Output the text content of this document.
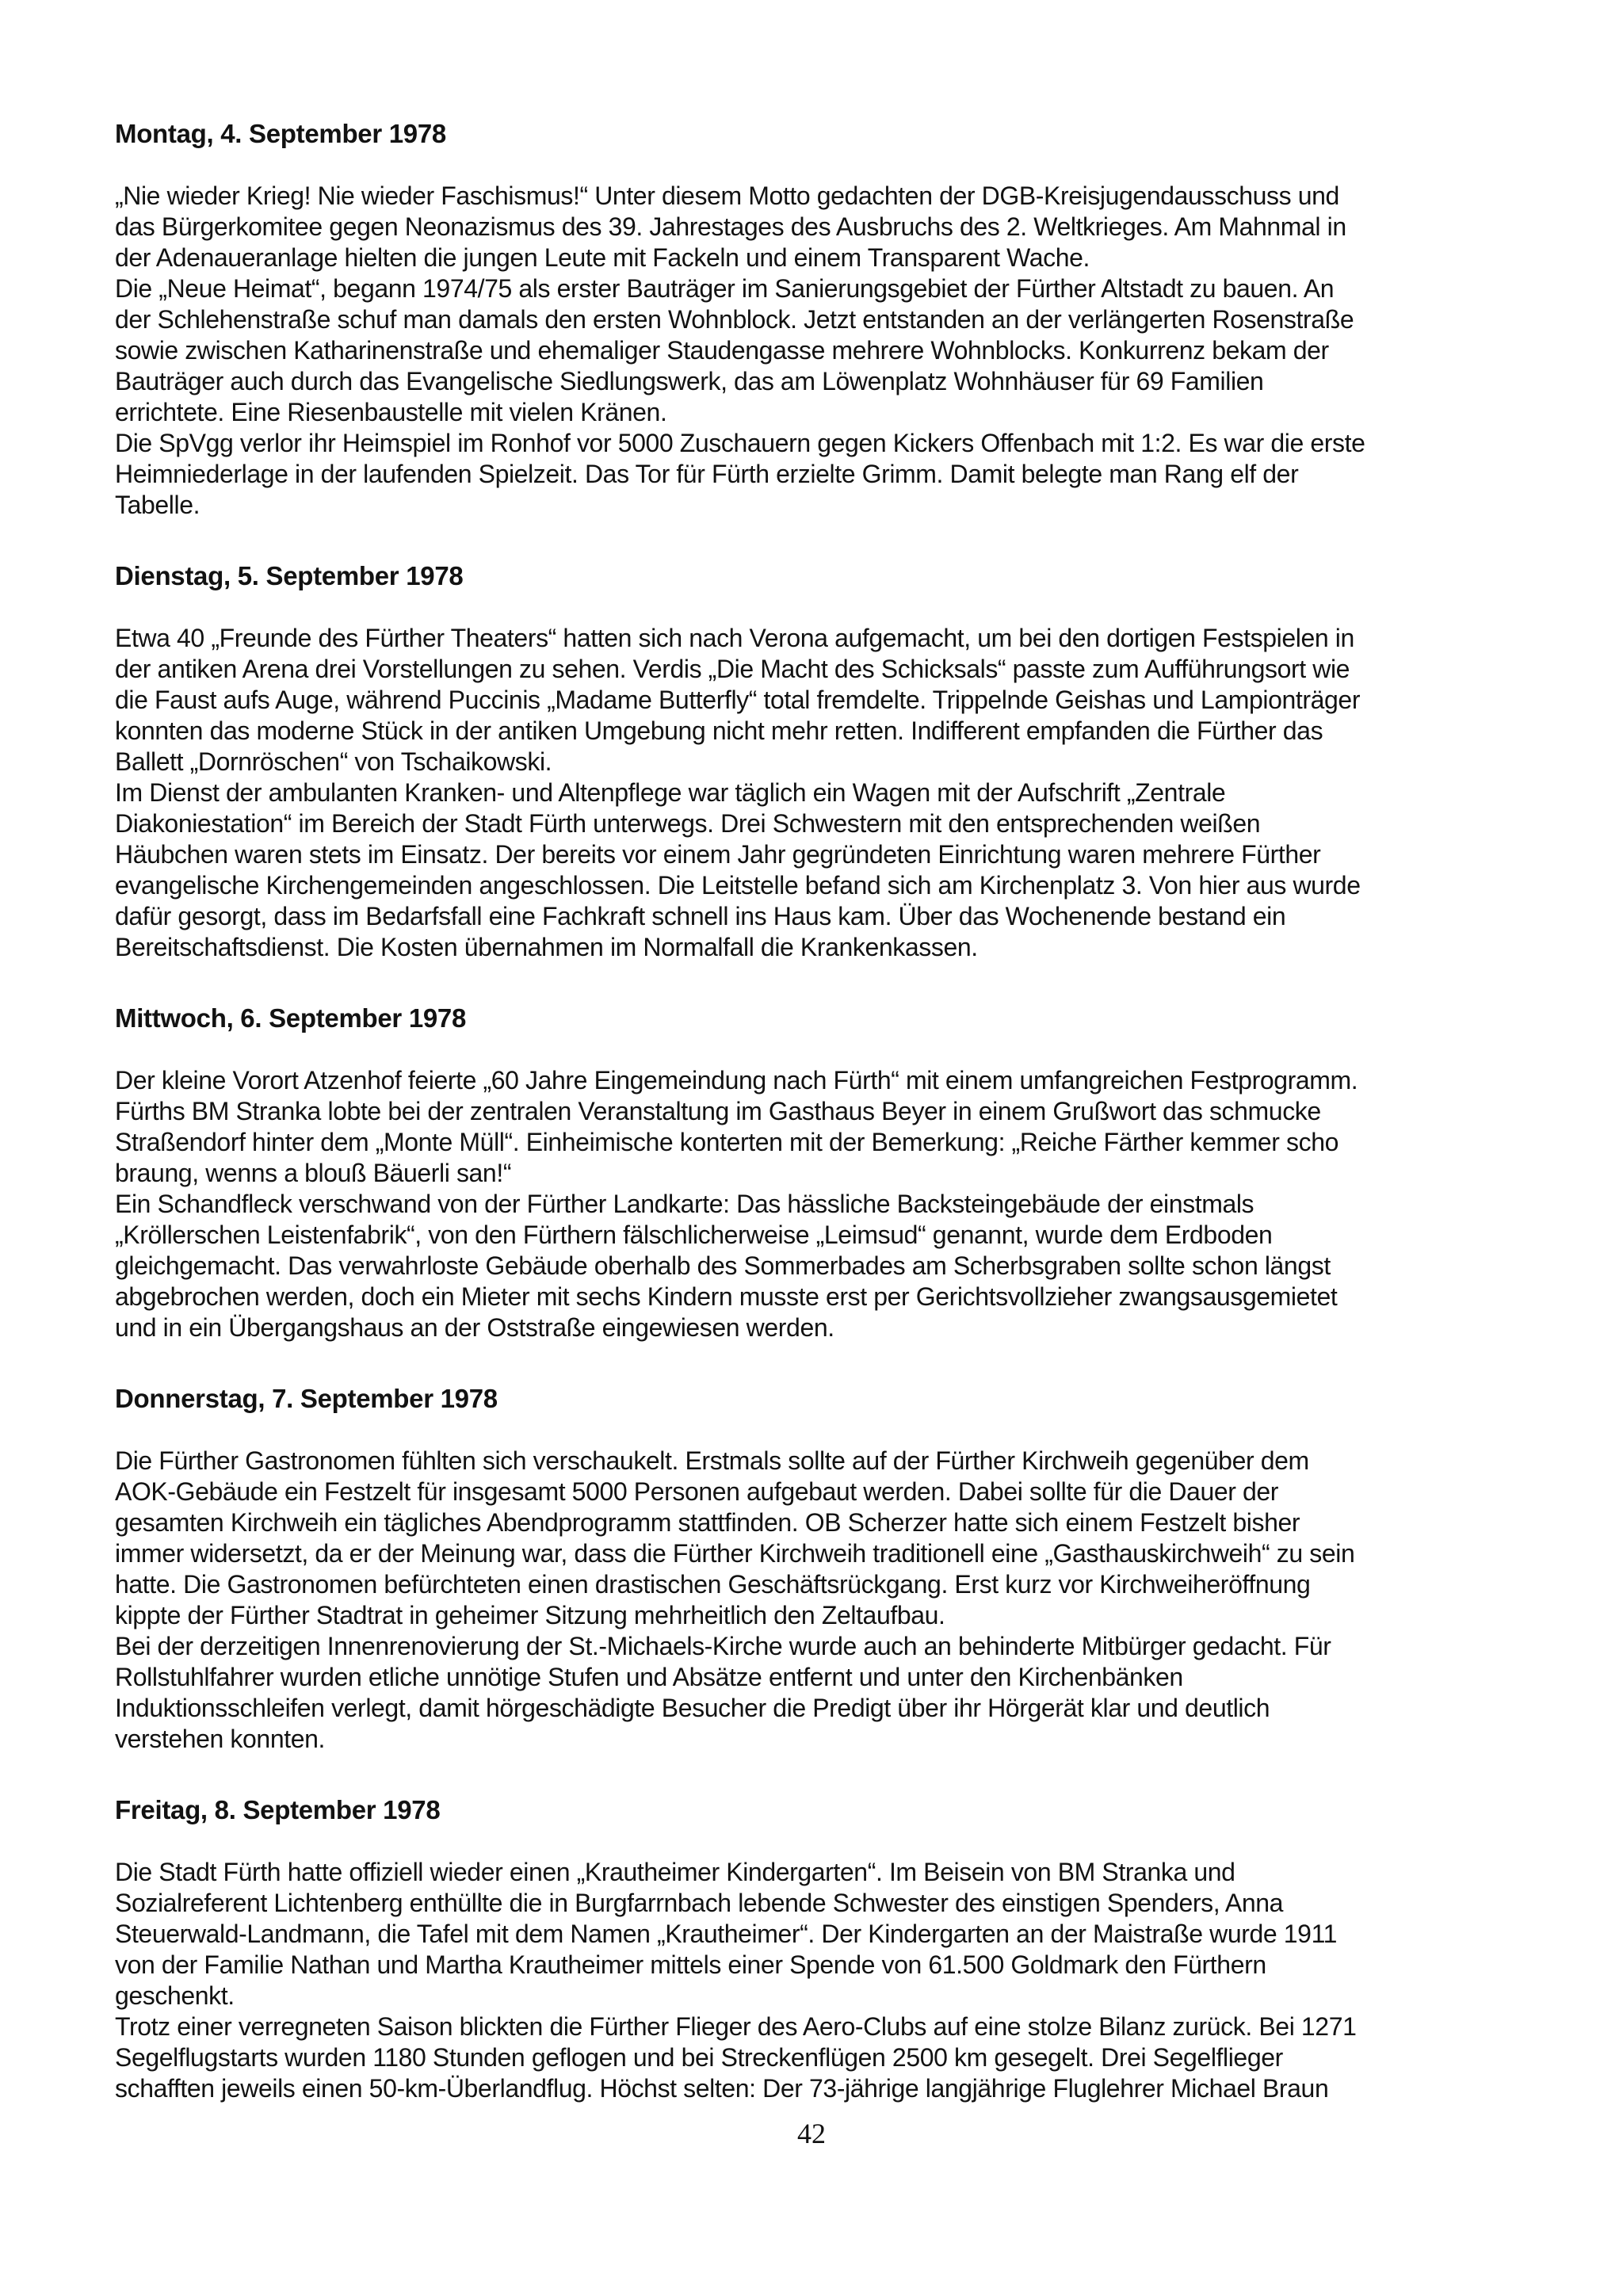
Montag, 4. September 1978
„Nie wieder Krieg! Nie wieder Faschismus!“ Unter diesem Motto gedachten der DGB-Kreisjugendausschuss und
das Bürgerkomitee gegen Neonazismus des 39. Jahrestages des Ausbruchs des 2. Weltkrieges. Am Mahnmal in
der Adenaueranlage hielten die jungen Leute mit Fackeln und einem Transparent Wache.
Die „Neue Heimat“, begann 1974/75 als erster Bauträger im Sanierungsgebiet der Fürther Altstadt zu bauen. An
der Schlehenstraße schuf man damals den ersten Wohnblock. Jetzt entstanden an der verlängerten Rosenstraße
sowie zwischen Katharinenstraße und ehemaliger Staudengasse mehrere Wohnblocks. Konkurrenz bekam der
Bauträger auch durch das Evangelische Siedlungswerk, das am Löwenplatz Wohnhäuser für 69 Familien
errichtete. Eine Riesenbaustelle mit vielen Kränen.
Die SpVgg verlor ihr Heimspiel im Ronhof vor 5000 Zuschauern gegen Kickers Offenbach mit 1:2. Es war die erste
Heimniederlage in der laufenden Spielzeit. Das Tor für Fürth erzielte Grimm. Damit belegte man Rang elf der
Tabelle.
Dienstag, 5. September 1978
Etwa 40 „Freunde des Fürther Theaters“ hatten sich nach Verona aufgemacht, um bei den dortigen Festspielen in
der antiken Arena drei Vorstellungen zu sehen. Verdis „Die Macht des Schicksals“ passte zum Aufführungsort wie
die Faust aufs Auge, während Puccinis „Madame Butterfly“ total fremdelte. Trippelnde Geishas und Lampionträger
konnten das moderne Stück in der antiken Umgebung nicht mehr retten. Indifferent empfanden die Fürther das
Ballett „Dornröschen“ von Tschaikowski.
Im Dienst der ambulanten Kranken- und Altenpflege war täglich ein Wagen mit der Aufschrift „Zentrale
Diakoniestation“ im Bereich der Stadt Fürth unterwegs. Drei Schwestern mit den entsprechenden weißen
Häubchen waren stets im Einsatz. Der bereits vor einem Jahr gegründeten Einrichtung waren mehrere Fürther
evangelische Kirchengemeinden angeschlossen. Die Leitstelle befand sich am Kirchenplatz 3. Von hier aus wurde
dafür gesorgt, dass im Bedarfsfall eine Fachkraft schnell ins Haus kam. Über das Wochenende bestand ein
Bereitschaftsdienst. Die Kosten übernahmen im Normalfall die Krankenkassen.
Mittwoch, 6. September 1978
Der kleine Vorort Atzenhof feierte „60 Jahre Eingemeindung nach Fürth“ mit einem umfangreichen Festprogramm.
Fürths BM Stranka lobte bei der zentralen Veranstaltung im Gasthaus Beyer in einem Grußwort das schmucke
Straßendorf hinter dem „Monte Müll“. Einheimische konterten mit der Bemerkung: „Reiche Färther kemmer scho
braung, wenns a blouß Bäuerli san!“
Ein Schandfleck verschwand von der Fürther Landkarte: Das hässliche Backsteingebäude der einstmals
„Kröllerschen Leistenfabrik“, von den Fürthern fälschlicherweise „Leimsud“ genannt, wurde dem Erdboden
gleichgemacht. Das verwahrloste Gebäude oberhalb des Sommerbades am Scherbsgraben sollte schon längst
abgebrochen werden, doch ein Mieter mit sechs Kindern musste erst per Gerichtsvollzieher zwangsausgemietet
und in ein Übergangshaus an der Oststraße eingewiesen werden.
Donnerstag, 7. September 1978
Die Fürther Gastronomen fühlten sich verschaukelt. Erstmals sollte auf der Fürther Kirchweih gegenüber dem
AOK-Gebäude ein Festzelt für insgesamt 5000 Personen aufgebaut werden. Dabei sollte für die Dauer der
gesamten Kirchweih ein tägliches Abendprogramm stattfinden. OB Scherzer hatte sich einem Festzelt bisher
immer widersetzt, da er der Meinung war, dass die Fürther Kirchweih traditionell eine „Gasthauskirchweih“ zu sein
hatte. Die Gastronomen befürchteten einen drastischen Geschäftsrückgang. Erst kurz vor Kirchweiheröffnung
kippte der Fürther Stadtrat in geheimer Sitzung mehrheitlich den Zeltaufbau.
Bei der derzeitigen Innenrenovierung der St.-Michaels-Kirche wurde auch an behinderte Mitbürger gedacht. Für
Rollstuhlfahrer wurden etliche unnötige Stufen und Absätze entfernt und unter den Kirchenbänken
Induktionsschleifen verlegt, damit hörgeschädigte Besucher die Predigt über ihr Hörgerät klar und deutlich
verstehen konnten.
Freitag, 8. September 1978
Die Stadt Fürth hatte offiziell wieder einen „Krautheimer Kindergarten“. Im Beisein von BM Stranka und
Sozialreferent Lichtenberg enthüllte die in Burgfarrnbach lebende Schwester des einstigen Spenders, Anna
Steuerwald-Landmann, die Tafel mit dem Namen „Krautheimer“. Der Kindergarten an der Maistraße wurde 1911
von der Familie Nathan und Martha Krautheimer mittels einer Spende von 61.500 Goldmark den Fürthern
geschenkt.
Trotz einer verregneten Saison blickten die Fürther Flieger des Aero-Clubs auf eine stolze Bilanz zurück. Bei 1271
Segelflugstarts wurden 1180 Stunden geflogen und bei Streckenflügen 2500 km gesegelt. Drei Segelflieger
schafften jeweils einen 50-km-Überlandflug. Höchst selten: Der 73-jährige langjährige Fluglehrer Michael Braun
42
